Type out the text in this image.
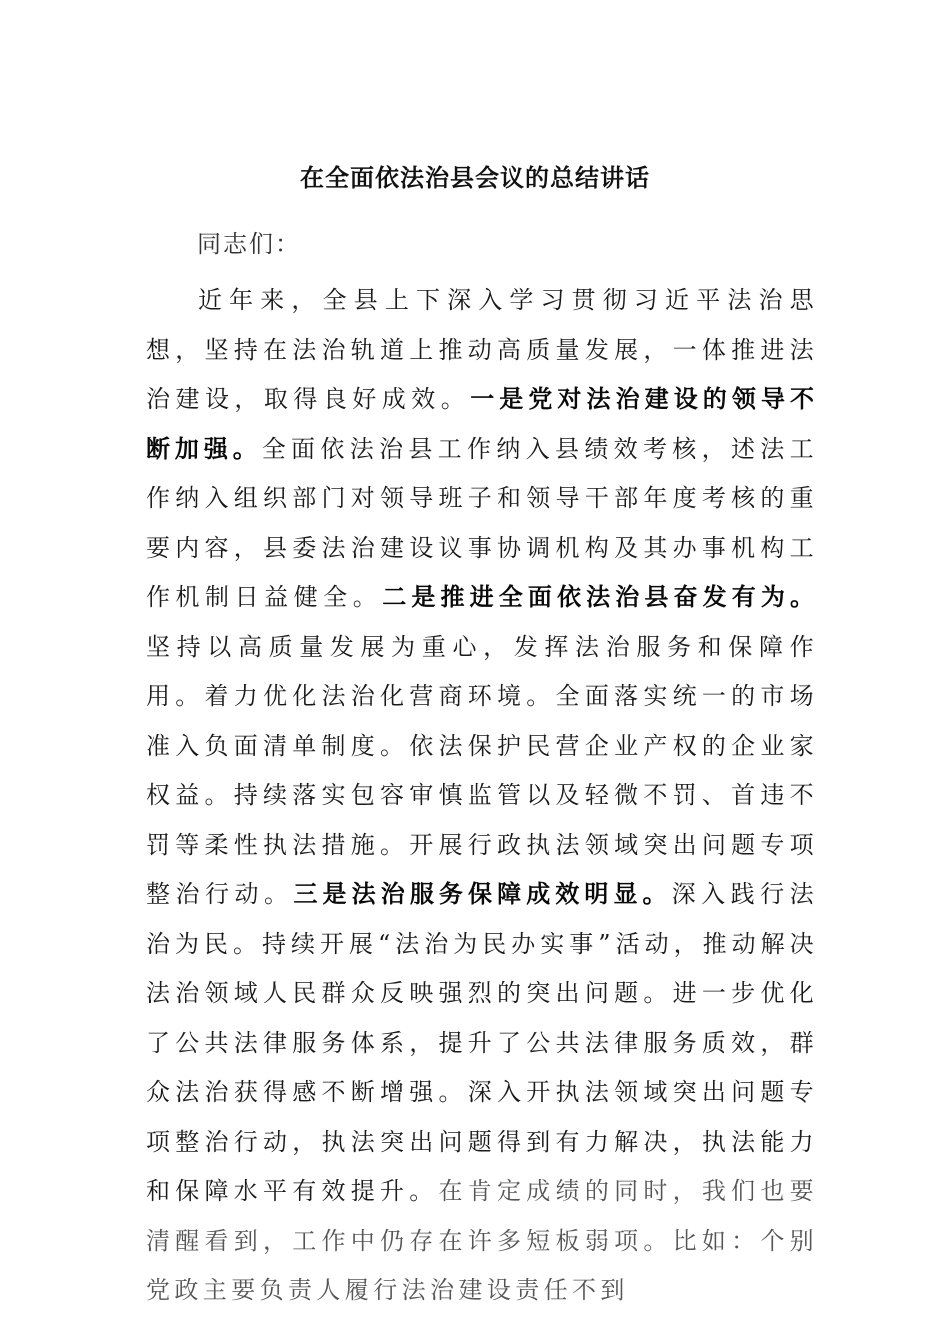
在全面依法治县会议的总结讲话
同志们：

近年来，全县上下深入学习贯彻习近平法治思想，坚持在法治轨道上推动高质量发展，一体推进法治建设，取得良好成效。一是党对法治建设的领导不断加强。全面依法治县工作纳入县绩效考核，述法工作纳入组织部门对领导班子和领导干部年度考核的重要内容，县委法治建设议事协调机构及其办事机构工作机制日益健全。二是推进全面依法治县奋发有为。坚持以高质量发展为重心，发挥法治服务和保障作用。着力优化法治化营商环境。全面落实统一的市场准入负面清单制度。依法保护民营企业产权的企业家权益。持续落实包容审慎监管以及轻微不罚、首违不罚等柔性执法措施。开展行政执法领域突出问题专项整治行动。三是法治服务保障成效明显。深入践行法治为民。持续开展“法治为民办实事”活动，推动解决法治领域人民群众反映强烈的突出问题。进一步优化了公共法律服务体系，提升了公共法律服务质效，群众法治获得感不断增强。深入开执法领域突出问题专项整治行动，执法突出问题得到有力解决，执法能力和保障水平有效提升。在肯定成绩的同时，我们也要清醒看到，工作中仍存在许多短板弱项。比如：个别党政主要负责人履行法治建设责任不到
